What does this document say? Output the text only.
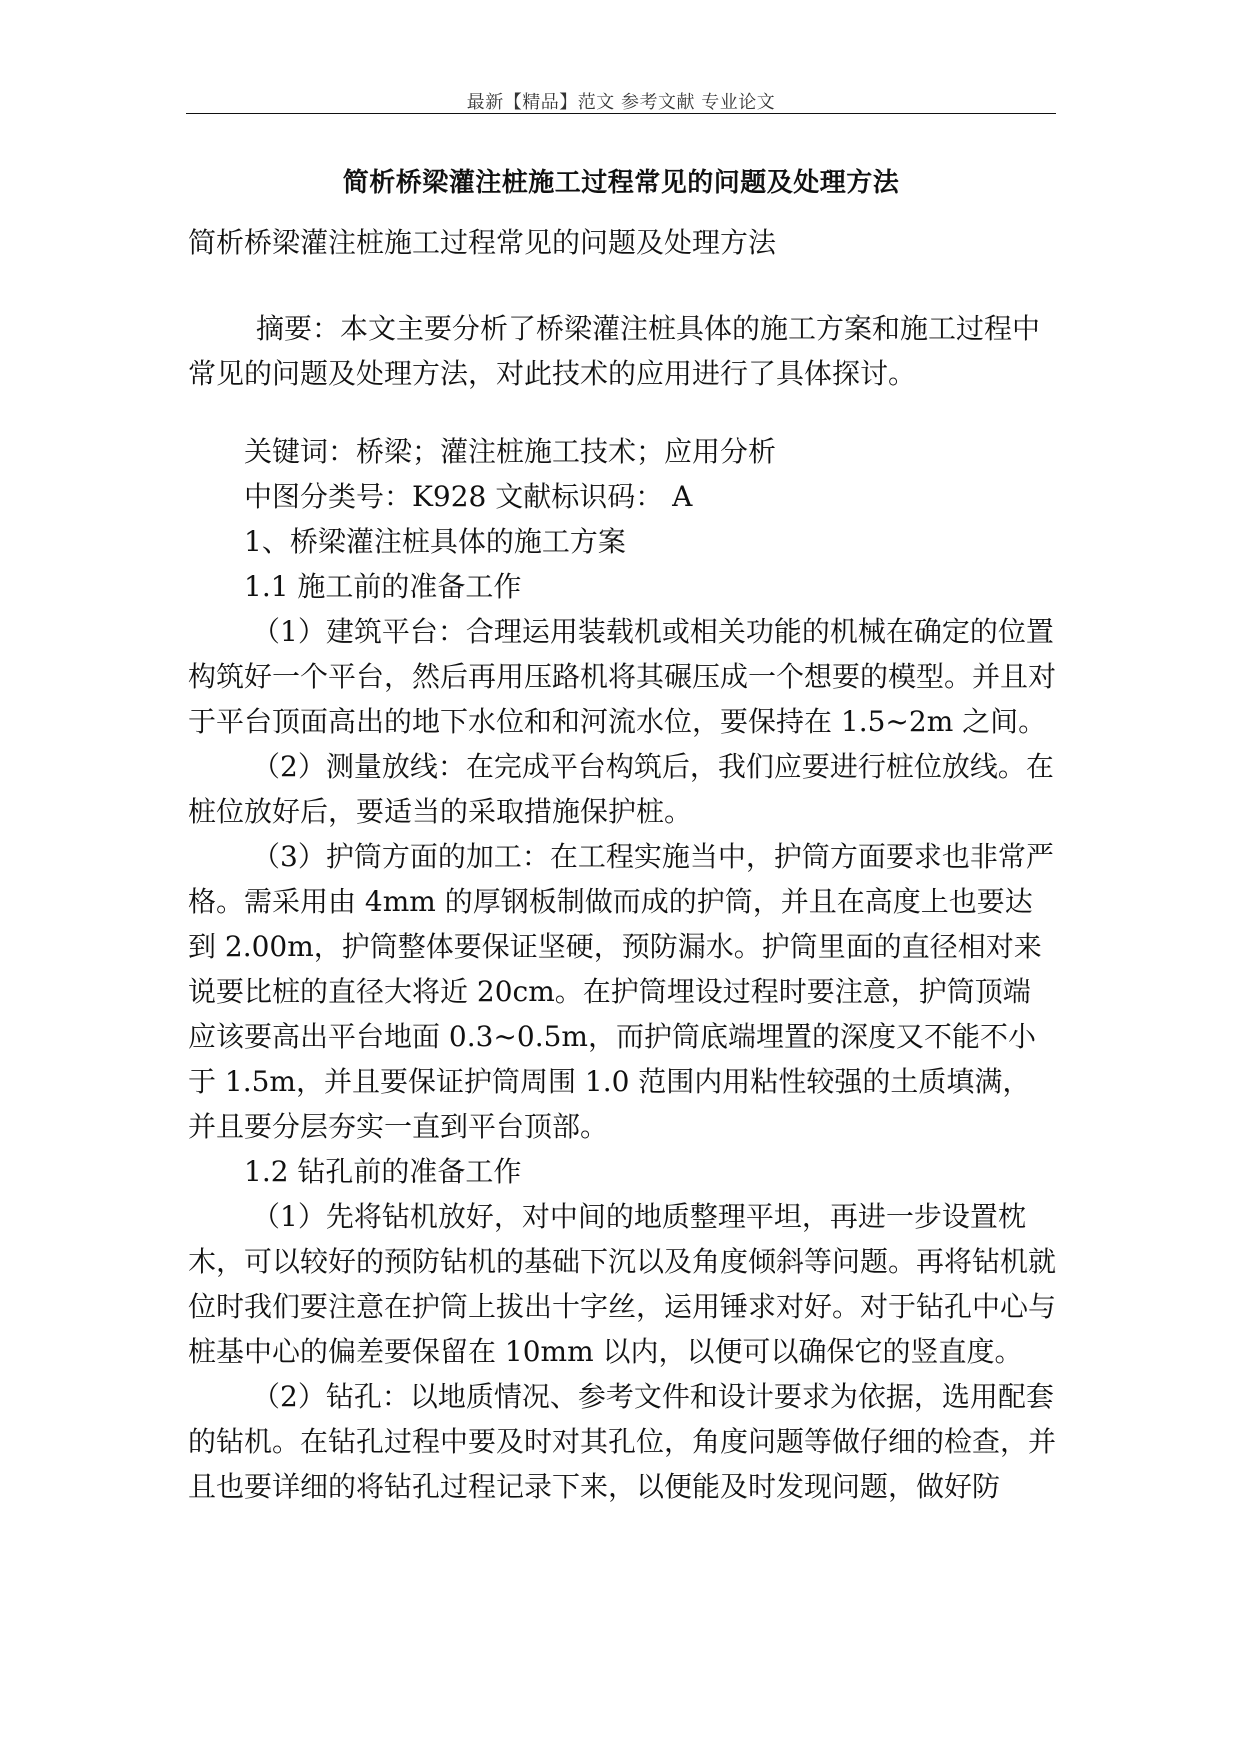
最新【精品】范文 参考文献 专业论文
简析桥梁灌注桩施工过程常见的问题及处理方法

简析桥梁灌注桩施工过程常见的问题及处理方法

摘要：本文主要分析了桥梁灌注桩具体的施工方案和施工过程中常见的问题及处理方法，对此技术的应用进行了具体探讨。

关键词：桥梁；灌注桩施工技术；应用分析

中图分类号：K928 文献标识码： A

1、桥梁灌注桩具体的施工方案

1.1 施工前的准备工作

（1）建筑平台：合理运用装载机或相关功能的机械在确定的位置构筑好一个平台，然后再用压路机将其碾压成一个想要的模型。并且对于平台顶面高出的地下水位和和河流水位，要保持在 1.5~2m 之间。

（2）测量放线：在完成平台构筑后，我们应要进行桩位放线。在桩位放好后，要适当的采取措施保护桩。

（3）护筒方面的加工：在工程实施当中，护筒方面要求也非常严格。需采用由 4mm 的厚钢板制做而成的护筒，并且在高度上也要达到 2.00m，护筒整体要保证坚硬，预防漏水。护筒里面的直径相对来说要比桩的直径大将近 20cm。在护筒埋设过程时要注意，护筒顶端应该要高出平台地面 0.3~0.5m，而护筒底端埋置的深度又不能不小于 1.5m，并且要保证护筒周围 1.0 范围内用粘性较强的土质填满，并且要分层夯实一直到平台顶部。

1.2 钻孔前的准备工作

（1）先将钻机放好，对中间的地质整理平坦，再进一步设置枕木，可以较好的预防钻机的基础下沉以及角度倾斜等问题。再将钻机就位时我们要注意在护筒上拔出十字丝，运用锤求对好。对于钻孔中心与桩基中心的偏差要保留在 10mm 以内，以便可以确保它的竖直度。

（2）钻孔：以地质情况、参考文件和设计要求为依据，选用配套的钻机。在钻孔过程中要及时对其孔位，角度问题等做仔细的检查，并且也要详细的将钻孔过程记录下来，以便能及时发现问题，做好防
